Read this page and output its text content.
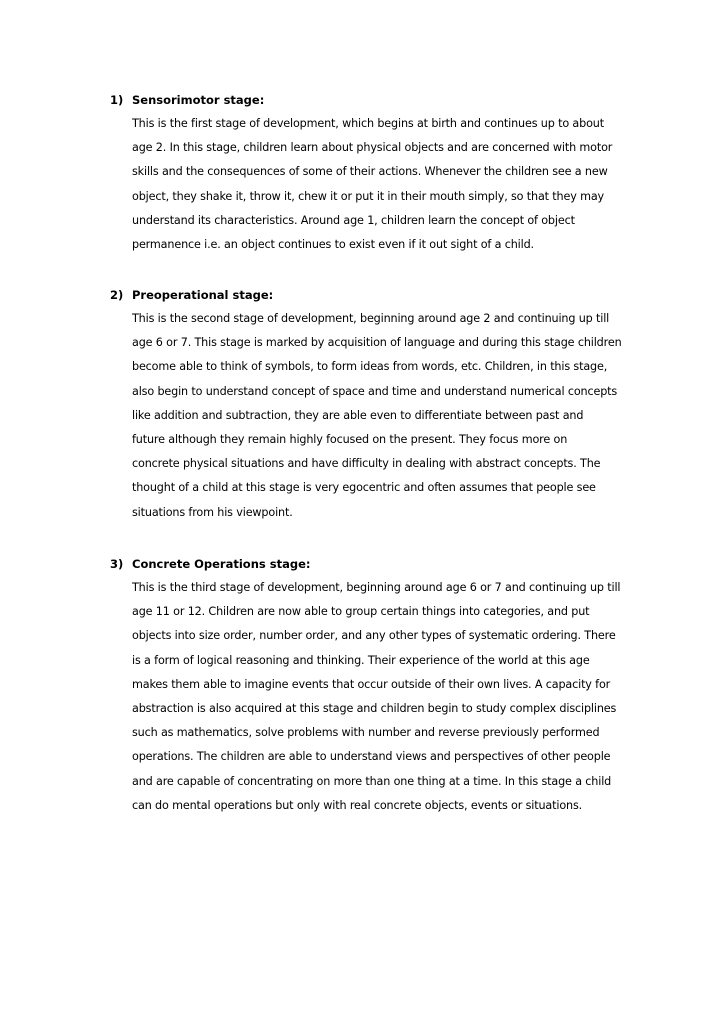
1) Sensorimotor stage:
This is the first stage of development, which begins at birth and continues up to about
age 2. In this stage, children learn about physical objects and are concerned with motor
skills and the consequences of some of their actions. Whenever the children see a new
object, they shake it, throw it, chew it or put it in their mouth simply, so that they may
understand its characteristics. Around age 1, children learn the concept of object
permanence i.e. an object continues to exist even if it out sight of a child.
2) Preoperational stage:
This is the second stage of development, beginning around age 2 and continuing up till
age 6 or 7. This stage is marked by acquisition of language and during this stage children
become able to think of symbols, to form ideas from words, etc. Children, in this stage,
also begin to understand concept of space and time and understand numerical concepts
like addition and subtraction, they are able even to differentiate between past and
future although they remain highly focused on the present. They focus more on
concrete physical situations and have difficulty in dealing with abstract concepts. The
thought of a child at this stage is very egocentric and often assumes that people see
situations from his viewpoint.
3) Concrete Operations stage:
This is the third stage of development, beginning around age 6 or 7 and continuing up till
age 11 or 12. Children are now able to group certain things into categories, and put
objects into size order, number order, and any other types of systematic ordering. There
is a form of logical reasoning and thinking. Their experience of the world at this age
makes them able to imagine events that occur outside of their own lives. A capacity for
abstraction is also acquired at this stage and children begin to study complex disciplines
such as mathematics, solve problems with number and reverse previously performed
operations. The children are able to understand views and perspectives of other people
and are capable of concentrating on more than one thing at a time. In this stage a child
can do mental operations but only with real concrete objects, events or situations.
